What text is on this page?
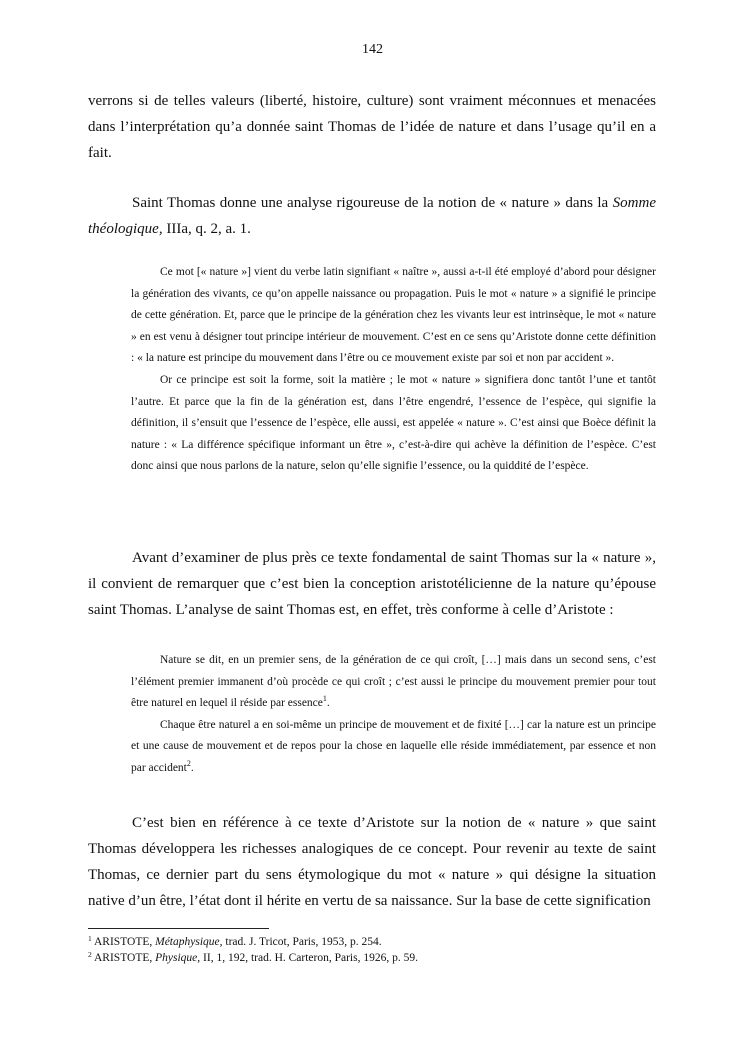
142

verrons si de telles valeurs (liberté, histoire, culture) sont vraiment méconnues et menacées dans l’interprétation qu’a donnée saint Thomas de l’idée de nature et dans l’usage qu’il en a fait.

Saint Thomas donne une analyse rigoureuse de la notion de « nature » dans la Somme théologique, IIIa, q. 2, a. 1.

Ce mot [« nature »] vient du verbe latin signifiant « naître », aussi a-t-il été employé d’abord pour désigner la génération des vivants, ce qu’on appelle naissance ou propagation. Puis le mot « nature » a signifié le principe de cette génération. Et, parce que le principe de la génération chez les vivants leur est intrinsèque, le mot « nature » en est venu à désigner tout principe intérieur de mouvement. C’est en ce sens qu’Aristote donne cette définition : « la nature est principe du mouvement dans l’être ou ce mouvement existe par soi et non par accident ».

Or ce principe est soit la forme, soit la matière ; le mot « nature » signifiera donc tantôt l’une et tantôt l’autre. Et parce que la fin de la génération est, dans l’être engendré, l’essence de l’espèce, qui signifie la définition, il s’ensuit que l’essence de l’espèce, elle aussi, est appelée « nature ». C’est ainsi que Boèce définit la nature : « La différence spécifique informant un être », c’est-à-dire qui achève la définition de l’espèce. C’est donc ainsi que nous parlons de la nature, selon qu’elle signifie l’essence, ou la quiddité de l’espèce.

Avant d’examiner de plus près ce texte fondamental de saint Thomas sur la « nature », il convient de remarquer que c’est bien la conception aristotélicienne de la nature qu’épouse saint Thomas. L’analyse de saint Thomas est, en effet, très conforme à celle d’Aristote :

Nature se dit, en un premier sens, de la génération de ce qui croît, […] mais dans un second sens, c’est l’élément premier immanent d’où procède ce qui croît ; c’est aussi le principe du mouvement premier pour tout être naturel en lequel il réside par essence$^1$.

Chaque être naturel a en soi-même un principe de mouvement et de fixité […] car la nature est un principe et une cause de mouvement et de repos pour la chose en laquelle elle réside immédiatement, par essence et non par accident$^2$.

C’est bien en référence à ce texte d’Aristote sur la notion de « nature » que saint Thomas développera les richesses analogiques de ce concept. Pour revenir au texte de saint Thomas, ce dernier part du sens étymologique du mot « nature » qui désigne la situation native d’un être, l’état dont il hérite en vertu de sa naissance. Sur la base de cette signification

$^1$ ARISTOTE, Métaphysique, trad. J. Tricot, Paris, 1953, p. 254.

$^2$ ARISTOTE, Physique, II, 1, 192, trad. H. Carteron, Paris, 1926, p. 59.
